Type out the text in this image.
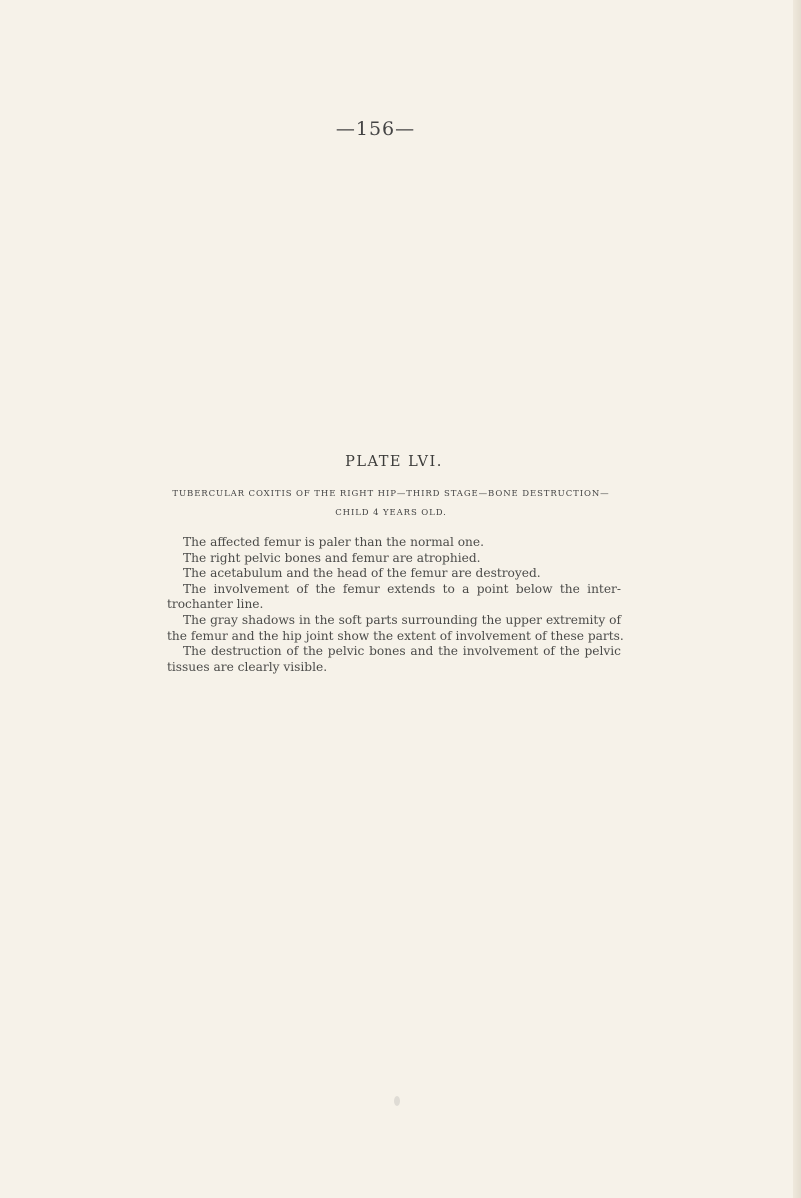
—156—
PLATE LVI.
TUBERCULAR COXITIS OF THE RIGHT HIP—THIRD STAGE—BONE DESTRUCTION—
CHILD 4 YEARS OLD.

The affected femur is paler than the normal one.

The right pelvic bones and femur are atrophied.

The acetabulum and the head of the femur are destroyed.

The involvement of the femur extends to a point below the inter-
trochanter line.

The gray shadows in the soft parts surrounding the upper extremity of
the femur and the hip joint show the extent of involvement of these parts.

The destruction of the pelvic bones and the involvement of the pelvic
tissues are clearly visible.
